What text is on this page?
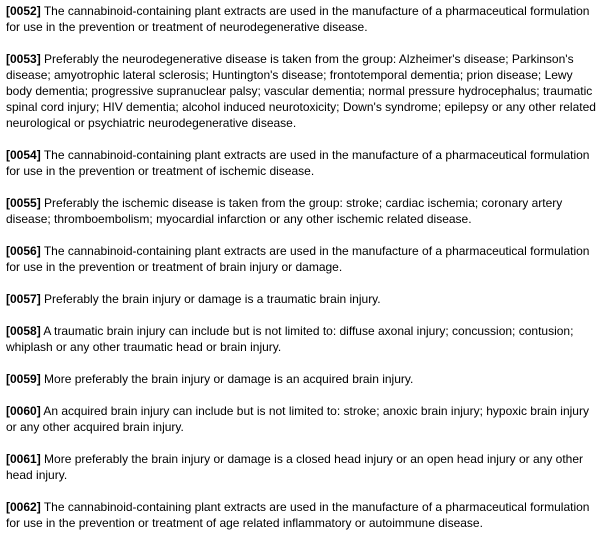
[0052] The cannabinoid-containing plant extracts are used in the manufacture of a pharmaceutical formulation for use in the prevention or treatment of neurodegenerative disease.

[0053] Preferably the neurodegenerative disease is taken from the group: Alzheimer's disease; Parkinson's disease; amyotrophic lateral sclerosis; Huntington's disease; frontotemporal dementia; prion disease; Lewy body dementia; progressive supranuclear palsy; vascular dementia; normal pressure hydrocephalus; traumatic spinal cord injury; HIV dementia; alcohol induced neurotoxicity; Down's syndrome; epilepsy or any other related neurological or psychiatric neurodegenerative disease.

[0054] The cannabinoid-containing plant extracts are used in the manufacture of a pharmaceutical formulation for use in the prevention or treatment of ischemic disease.

[0055] Preferably the ischemic disease is taken from the group: stroke; cardiac ischemia; coronary artery disease; thromboembolism; myocardial infarction or any other ischemic related disease.

[0056] The cannabinoid-containing plant extracts are used in the manufacture of a pharmaceutical formulation for use in the prevention or treatment of brain injury or damage.

[0057] Preferably the brain injury or damage is a traumatic brain injury.

[0058] A traumatic brain injury can include but is not limited to: diffuse axonal injury; concussion; contusion; whiplash or any other traumatic head or brain injury.

[0059] More preferably the brain injury or damage is an acquired brain injury.

[0060] An acquired brain injury can include but is not limited to: stroke; anoxic brain injury; hypoxic brain injury or any other acquired brain injury.

[0061] More preferably the brain injury or damage is a closed head injury or an open head injury or any other head injury.

[0062] The cannabinoid-containing plant extracts are used in the manufacture of a pharmaceutical formulation for use in the prevention or treatment of age related inflammatory or autoimmune disease.
